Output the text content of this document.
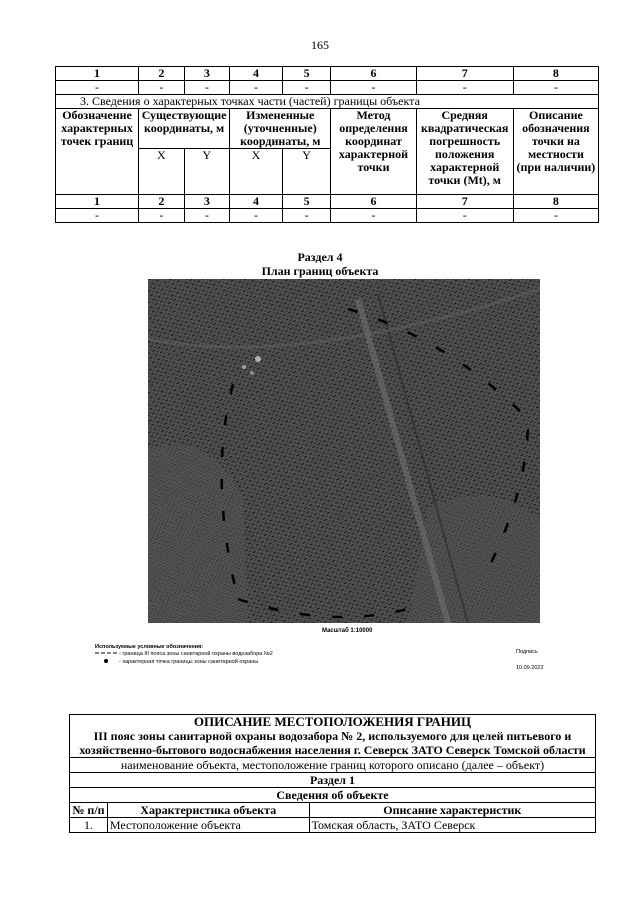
165
1	2	3	4	5	6	7	8
-	-	-	-	-	-	-	-
3. Сведения о характерных точках части (частей) границы объекта							
Обозначение характерных точек границ	Существующие координаты, м		Измененные (уточненные) координаты, м		Метод определения координат характерной точки	Средняя квадратическая погрешность положения характерной точки (Мt), м	Описание обозначения точки на местности (при наличии)
	X	Y	X	Y			
1	2	3	4	5	6	7	8
-	-	-	-	-	-	-	-
Раздел 4
План границ объекта
Масштаб 1:10000
Используемые условные обозначения:
- граница III пояса зоны санитарной охраны водозабора №2
- характерная точка границы зоны санитарной охраны
Подпись
10.09.2022
ОПИСАНИЕ МЕСТОПОЛОЖЕНИЯ ГРАНИЦ
III пояс зоны санитарной охраны водозабора № 2, используемого для целей питьевого и хозяйственно-бытового водоснабжения населения г. Северск ЗАТО Северск Томской области		

наименование объекта, местоположение границ которого описано (далее – объект)		
Раздел 1		
Сведения об объекте		
№ п/п	Характеристика объекта	Описание характеристик
1.	Местоположение объекта	Томская область, ЗАТО Северск
